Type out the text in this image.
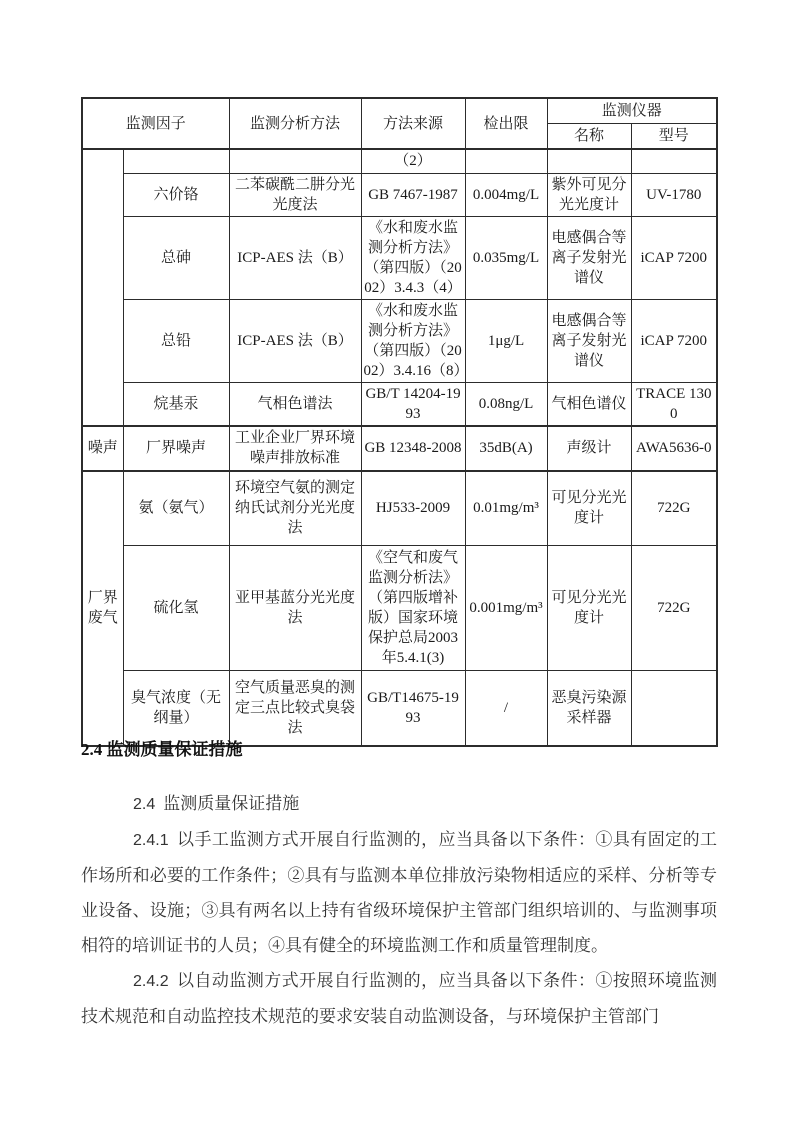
监测因子		监测分析方法	方法来源	检出限	监测仪器	
					名称	型号
			（2）			
	六价铬	二苯碳酰二肼分光光度法	GB 7467-1987	0.004mg/L	紫外可见分光光度计	UV-1780
	总砷	ICP-AES 法（B）	《水和废水监测分析方法》（第四版）（2002）3.4.3（4）	0.035mg/L	电感偶合等离子发射光谱仪	iCAP 7200
	总铅	ICP-AES 法（B）	《水和废水监测分析方法》（第四版）（2002）3.4.16（8）	1μg/L	电感偶合等离子发射光谱仪	iCAP 7200
	烷基汞	气相色谱法	GB/T 14204-1993	0.08ng/L	气相色谱仪	TRACE 1300
噪声	厂界噪声	工业企业厂界环境噪声排放标准	GB 12348-2008	35dB(A)	声级计	AWA5636-0
厂界废气	氨（氨气）	环境空气氨的测定纳氏试剂分光光度法	HJ533-2009	0.01mg/m³	可见分光光度计	722G
	硫化氢	亚甲基蓝分光光度法	《空气和废气监测分析法》（第四版增补版）国家环境保护总局2003年5.4.1(3)	0.001mg/m³	可见分光光度计	722G
	臭气浓度（无纲量）	空气质量恶臭的测定三点比较式臭袋法	GB/T14675-1993	/	恶臭污染源采样器	
2.4 监测质量保证措施

2.4 监测质量保证措施

2.4.1 以手工监测方式开展自行监测的，应当具备以下条件：①具有固定的工作场所和必要的工作条件；②具有与监测本单位排放污染物相适应的采样、分析等专业设备、设施；③具有两名以上持有省级环境保护主管部门组织培训的、与监测事项相符的培训证书的人员；④具有健全的环境监测工作和质量管理制度。

2.4.2 以自动监测方式开展自行监测的，应当具备以下条件：①按照环境监测技术规范和自动监控技术规范的要求安装自动监测设备，与环境保护主管部门
